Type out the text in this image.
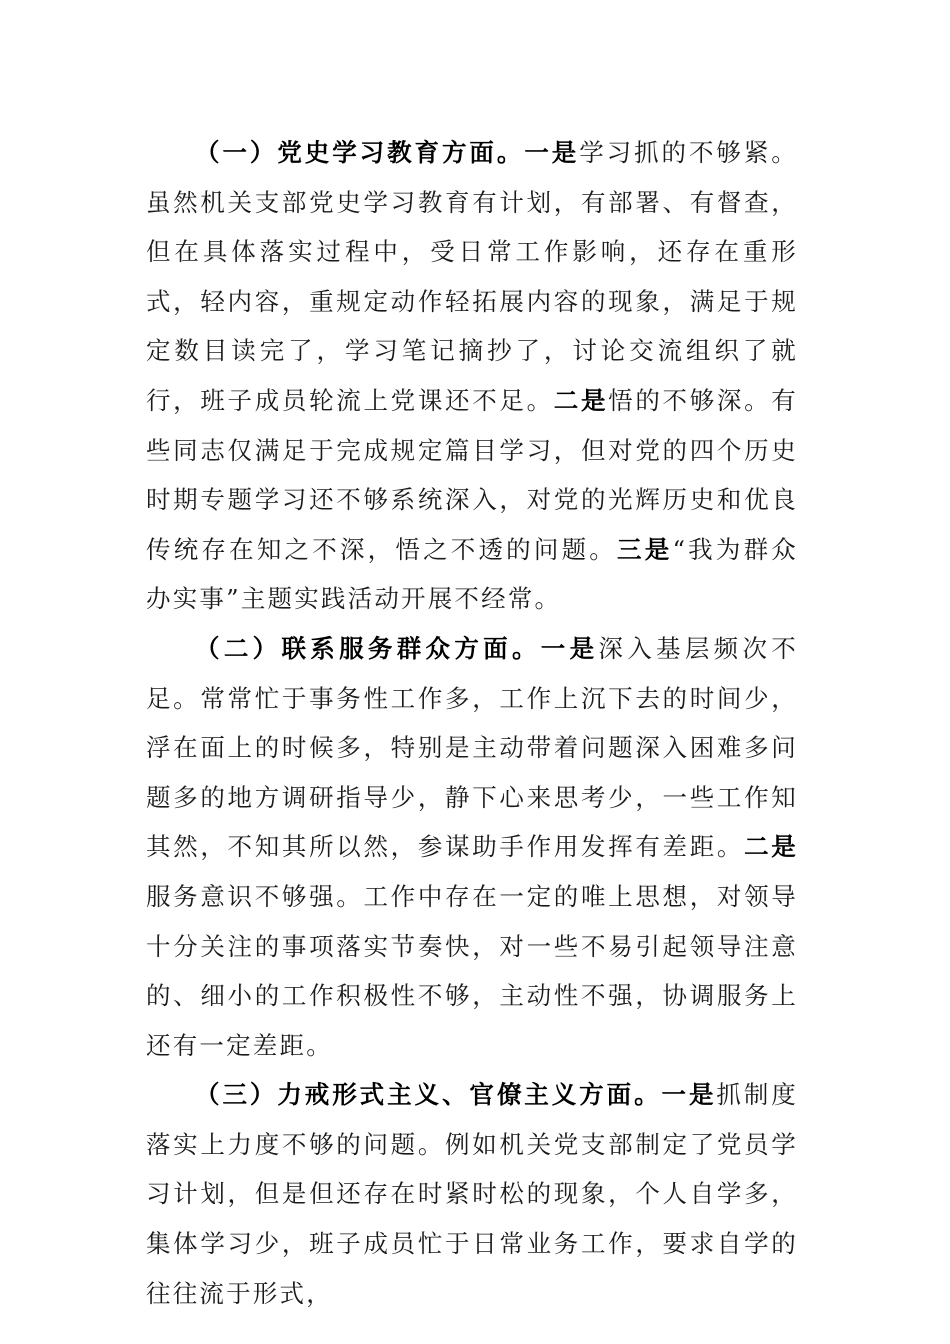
（一）党史学习教育方面。一是学习抓的不够紧。虽然机关支部党史学习教育有计划，有部署、有督查，但在具体落实过程中，受日常工作影响，还存在重形式，轻内容，重规定动作轻拓展内容的现象，满足于规定数目读完了，学习笔记摘抄了，讨论交流组织了就行，班子成员轮流上党课还不足。二是悟的不够深。有些同志仅满足于完成规定篇目学习，但对党的四个历史时期专题学习还不够系统深入，对党的光辉历史和优良传统存在知之不深，悟之不透的问题。三是“我为群众办实事”主题实践活动开展不经常。

（二）联系服务群众方面。一是深入基层频次不足。常常忙于事务性工作多，工作上沉下去的时间少，浮在面上的时候多，特别是主动带着问题深入困难多问题多的地方调研指导少，静下心来思考少，一些工作知其然，不知其所以然，参谋助手作用发挥有差距。二是服务意识不够强。工作中存在一定的唯上思想，对领导十分关注的事项落实节奏快，对一些不易引起领导注意的、细小的工作积极性不够，主动性不强，协调服务上还有一定差距。

（三）力戒形式主义、官僚主义方面。一是抓制度落实上力度不够的问题。例如机关党支部制定了党员学习计划，但是但还存在时紧时松的现象，个人自学多，集体学习少，班子成员忙于日常业务工作，要求自学的往往流于形式，
